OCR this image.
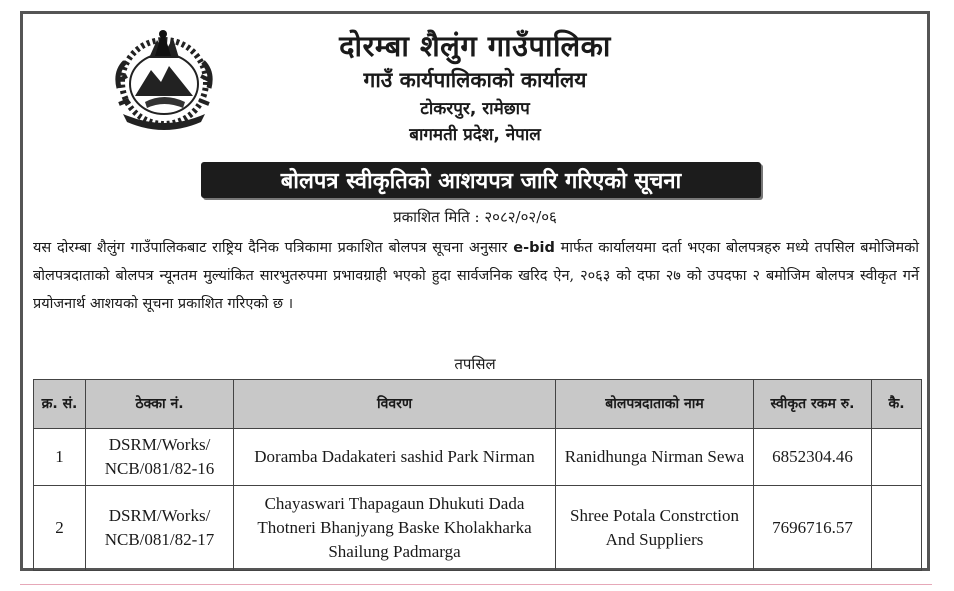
दोरम्बा शैलुंग गाउँपालिका
गाउँ कार्यपालिकाको कार्यालय
टोकरपुर, रामेछाप
बागमती प्रदेश, नेपाल
बोलपत्र स्वीकृतिको आशयपत्र जारि गरिएको सूचना
प्रकाशित मिति : २०८२/०२/०६
यस दोरम्बा शैलुंग गाउँपालिकबाट राष्ट्रिय दैनिक पत्रिकामा प्रकाशित बोलपत्र सूचना अनुसार e-bid मार्फत कार्यालयमा दर्ता भएका बोलपत्रहरु मध्ये तपसिल बमोजिमको बोलपत्रदाताको बोलपत्र न्यूनतम मुल्यांकित सारभुतरुपमा प्रभावग्राही भएको हुदा सार्वजनिक खरिद ऐन, २०६३ को दफा २७ को उपदफा २ बमोजिम बोलपत्र स्वीकृत गर्ने प्रयोजनार्थ आशयको सूचना प्रकाशित गरिएको छ ।
तपसिल
क्र. सं.	ठेक्का नं.	विवरण	बोलपत्रदाताको नाम	स्वीकृत रकम रु.	कै.
1	DSRM/Works/ NCB/081/82-16	Doramba Dadakateri sashid Park Nirman	Ranidhunga Nirman Sewa	6852304.46	
2	DSRM/Works/ NCB/081/82-17	Chayaswari Thapagaun Dhukuti Dada Thotneri Bhanjyang Baske Kholakharka Shailung Padmarga	Shree Potala Constrction And Suppliers	7696716.57	
